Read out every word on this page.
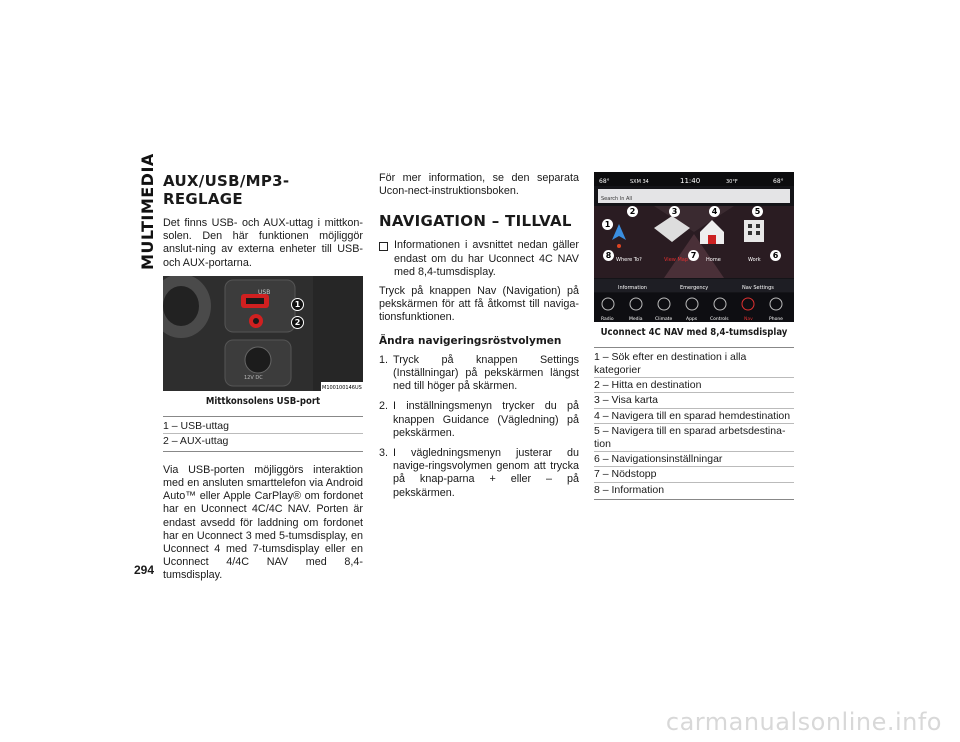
MULTIMEDIA
294
AUX/USB/MP3-REGLAGE

Det finns USB- och AUX-uttag i mittkon-solen. Den här funktionen möjliggör anslut-ning av externa enheter till USB- och AUX-portarna.

USB
12V DC
1
2
M100100146US
Mittkonsolens USB-port
1 – USB-uttag
2 – AUX-uttag

Via USB-porten möjliggörs interaktion med en ansluten smarttelefon via Android Auto™ eller Apple CarPlay® om fordonet har en Uconnect 4C/4C NAV. Porten är endast avsedd för laddning om fordonet har en Uconnect 3 med 5-tumsdisplay, en Uconnect 4 med 7-tumsdisplay eller en Uconnect 4/4C NAV med 8,4-tumsdisplay.

För mer information, se den separata Ucon-nect-instruktionsboken.

NAVIGATION – TILLVAL
Informationen i avsnittet nedan gäller endast om du har Uconnect 4C NAV med 8,4-tumsdisplay.

Tryck på knappen Nav (Navigation) på pekskärmen för att få åtkomst till naviga-tionsfunktionen.

Ändra navigeringsröstvolymen
1. Tryck på knappen Settings (Inställningar) på pekskärmen längst ned till höger på skärmen.
2. I inställningsmenyn trycker du på knappen Guidance (Vägledning) på pekskärmen.
3. I vägledningsmenyn justerar du navige-ringsvolymen genom att trycka på knap-parna + eller – på pekskärmen.
68°	SXM 34	11:40	30°F	68°
Search In All
Where To?	View Map	Home	Work
Information	Emergency	Nav Settings
Radio	Media	Climate	Apps	Controls	Nav	Phone
1
2	3	4	5
6
7
8
Uconnect 4C NAV med 8,4-tumsdisplay
1 – Sök efter en destination i alla kategorier
2 – Hitta en destination
3 – Visa karta
4 – Navigera till en sparad hemdestination
5 – Navigera till en sparad arbetsdestina-tion
6 – Navigationsinställningar
7 – Nödstopp
8 – Information
carmanualsonline.info
